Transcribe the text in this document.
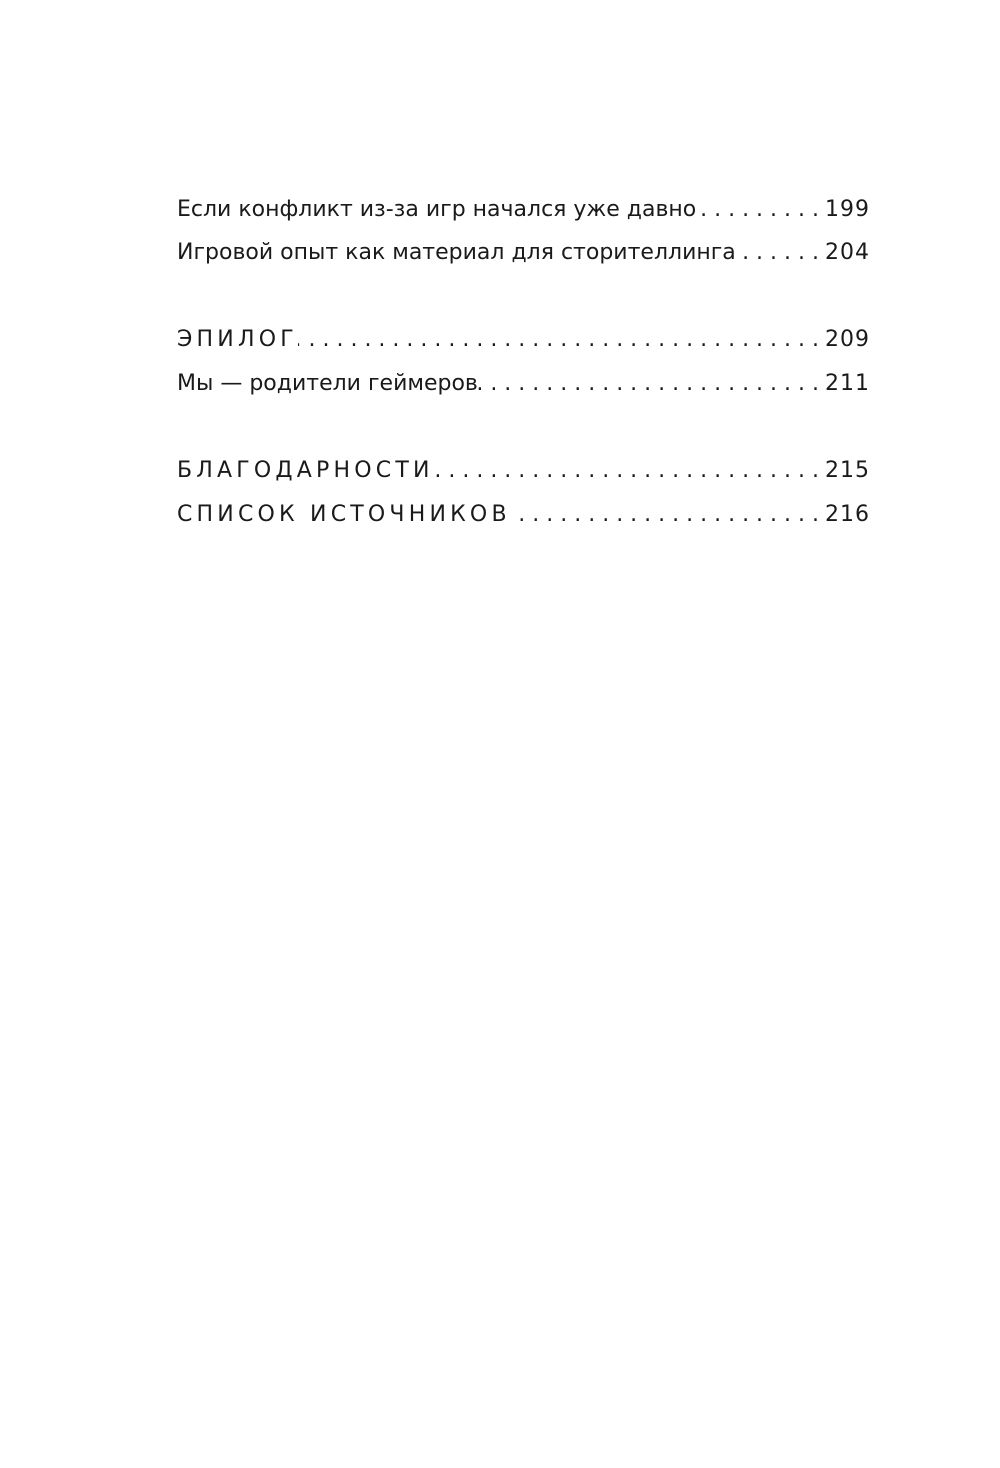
Если конфликт из-за игр начался уже давно . . .	199
Игровой опыт как материал для сторителлинга . . .	204
ЭПИЛОГ . . .	209
Мы — родители геймеров . . .	211
БЛАГОДАРНОСТИ . . .	215
СПИСОК ИСТОЧНИКОВ . . .	216
